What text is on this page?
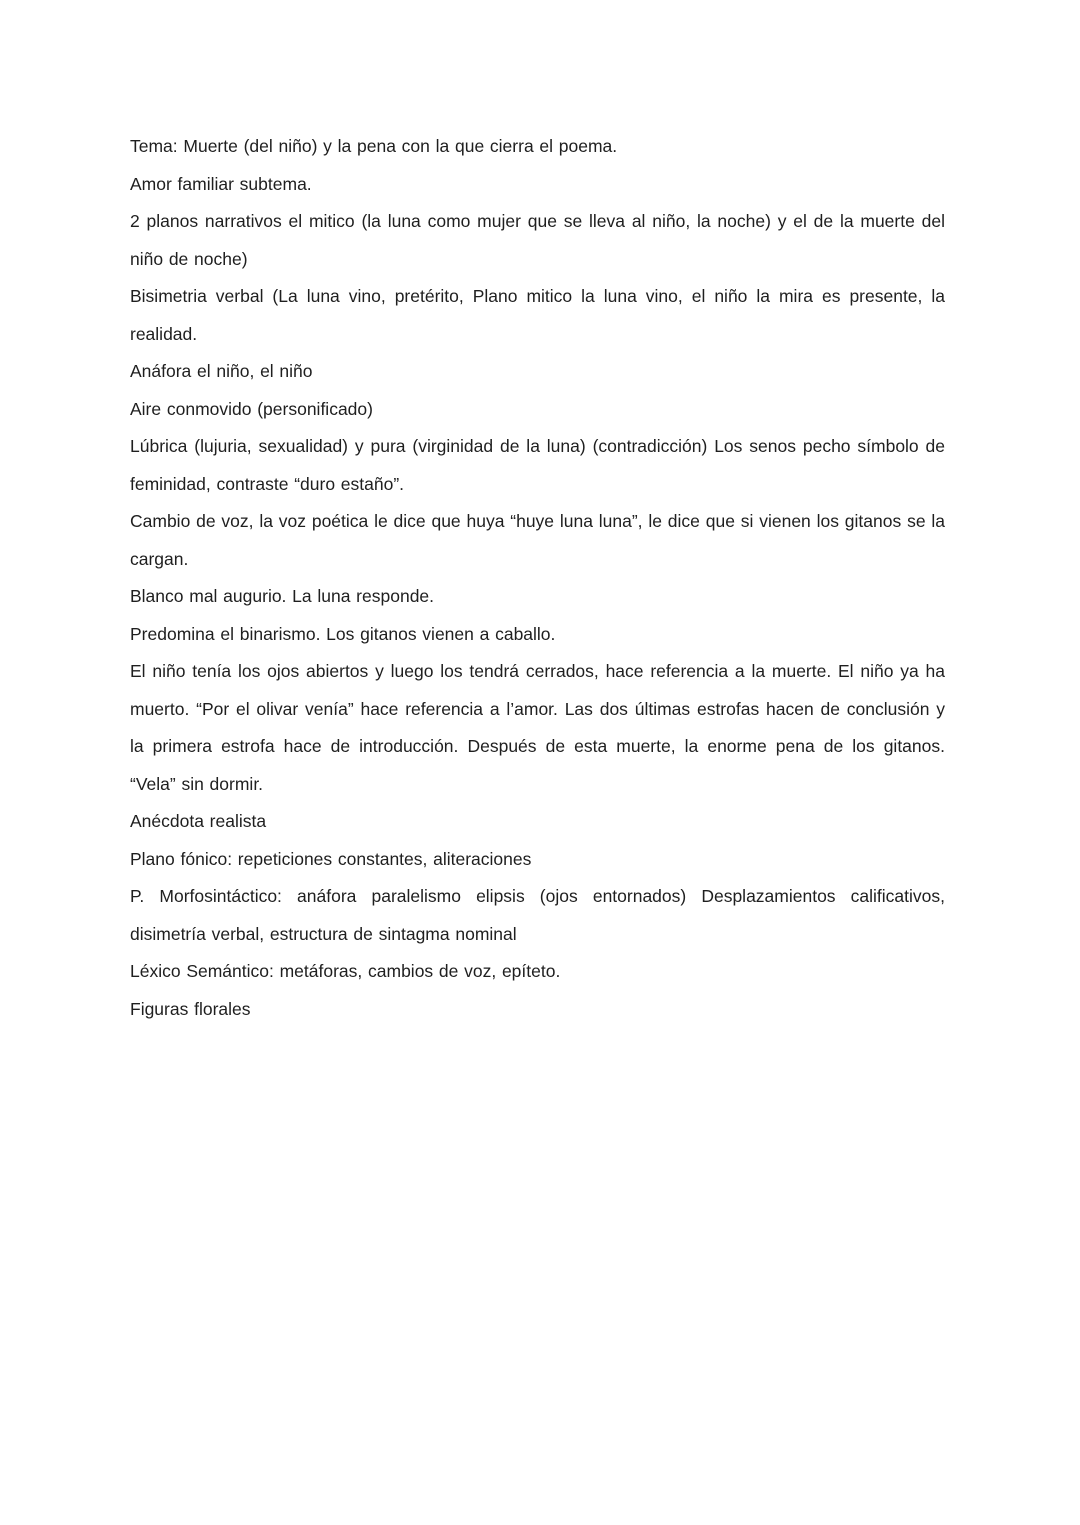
Tema: Muerte (del niño) y la pena con la que cierra el poema.

Amor familiar subtema.

2 planos narrativos el mitico (la luna como mujer que se lleva al niño, la noche) y el de la muerte del niño de noche)

Bisimetria verbal (La luna vino, pretérito, Plano mitico la luna vino, el niño la mira es presente, la realidad.

Anáfora el niño, el niño

Aire conmovido (personificado)

Lúbrica (lujuria, sexualidad) y pura (virginidad de la luna) (contradicción) Los senos pecho símbolo de feminidad, contraste “duro estaño”.

Cambio de voz, la voz poética le dice que huya “huye luna luna”, le dice que si vienen los gitanos se la cargan.

Blanco mal augurio. La luna responde.

Predomina el binarismo. Los gitanos vienen a caballo.

El niño tenía los ojos abiertos y luego los tendrá cerrados, hace referencia a la muerte. El niño ya ha muerto. “Por el olivar venía” hace referencia a l’amor. Las dos últimas estrofas hacen de conclusión y la primera estrofa hace de introducción. Después de esta muerte, la enorme pena de los gitanos. “Vela” sin dormir.

Anécdota realista

Plano fónico: repeticiones constantes, aliteraciones

P. Morfosintáctico: anáfora paralelismo elipsis (ojos entornados) Desplazamientos calificativos, disimetría verbal, estructura de sintagma nominal

Léxico Semántico: metáforas, cambios de voz, epíteto.

Figuras florales
